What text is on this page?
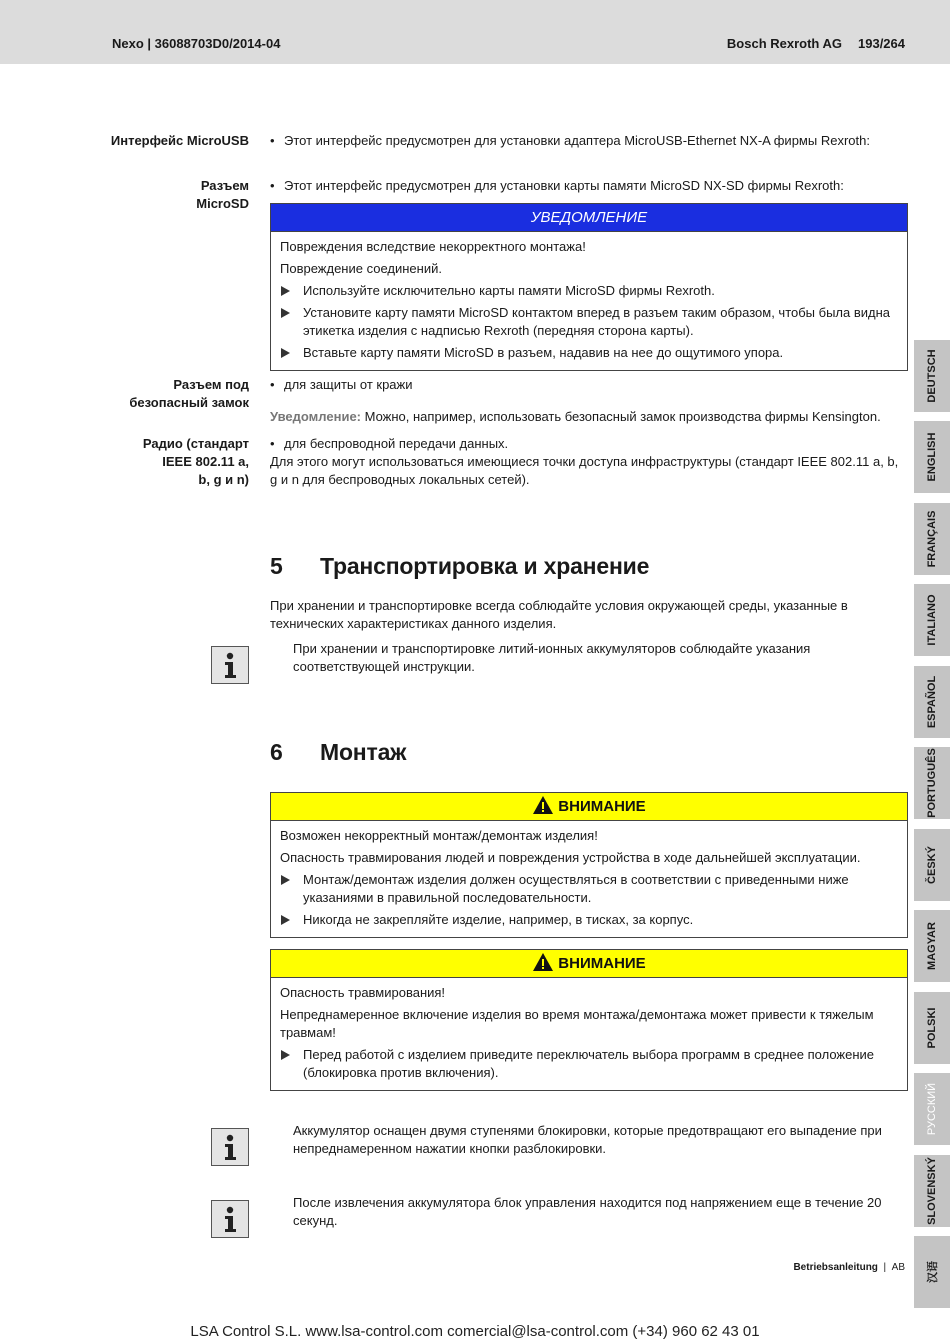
Nexo | 36088703D0/2014-04	Bosch Rexroth AG 193/264
Интерфейс MicroUSB • Этот интерфейс предусмотрен для установки адаптера MicroUSB-Ethernet NX-A фирмы Rexroth:
Разъем
MicroSD
• Этот интерфейс предусмотрен для установки карты памяти MicroSD NX-SD фирмы Rexroth:
УВЕДОМЛЕНИЕ
Повреждения вследствие некорректного монтажа!
Повреждение соединений.
Используйте исключительно карты памяти MicroSD фирмы Rexroth.
Установите карту памяти MicroSD контактом вперед в разъем таким образом, чтобы была видна этикетка изделия с надписью Rexroth (передняя сторона карты).
Вставьте карту памяти MicroSD в разъем, надавив на нее до ощутимого упора.
Разъем под
безопасный замок
• для защиты от кражи
Уведомление: Можно, например, использовать безопасный замок производства фирмы Kensington.
Радио (стандарт
IEEE 802.11 a,
b, g и n)
• для беспроводной передачи данных.
Для этого могут использоваться имеющиеся точки доступа инфраструктуры (стандарт IEEE 802.11 a, b, g и n для беспроводных локальных сетей).
5 Транспортировка и хранение
При хранении и транспортировке всегда соблюдайте условия окружающей среды, указанные в технических характеристиках данного изделия.
При хранении и транспортировке литий-ионных аккумуляторов соблюдайте указания соответствующей инструкции.
6 Монтаж
ВНИМАНИЕ
Возможен некорректный монтаж/демонтаж изделия!
Опасность травмирования людей и повреждения устройства в ходе дальнейшей эксплуатации.
Монтаж/демонтаж изделия должен осуществляться в соответствии с приведенными ниже указаниями в правильной последовательности.
Никогда не закрепляйте изделие, например, в тисках, за корпус.
ВНИМАНИЕ
Опасность травмирования!
Непреднамеренное включение изделия во время монтажа/демонтажа может привести к тяжелым травмам!
Перед работой с изделием приведите переключатель выбора программ в среднее положение (блокировка против включения).
Аккумулятор оснащен двумя ступенями блокировки, которые предотвращают его выпадение при непреднамеренном нажатии кнопки разблокировки.
После извлечения аккумулятора блок управления находится под напряжением еще в течение 20 секунд.
DEUTSCH
ENGLISH
FRANÇAIS
ITALIANO
ESPAÑOL
PORTUGUÊS
ČESKÝ
MAGYAR
POLSKI
РУССКИЙ
SLOVENSKÝ
汉语
Betriebsanleitung | AB
LSA Control S.L. www.lsa-control.com comercial@lsa-control.com (+34) 960 62 43 01
